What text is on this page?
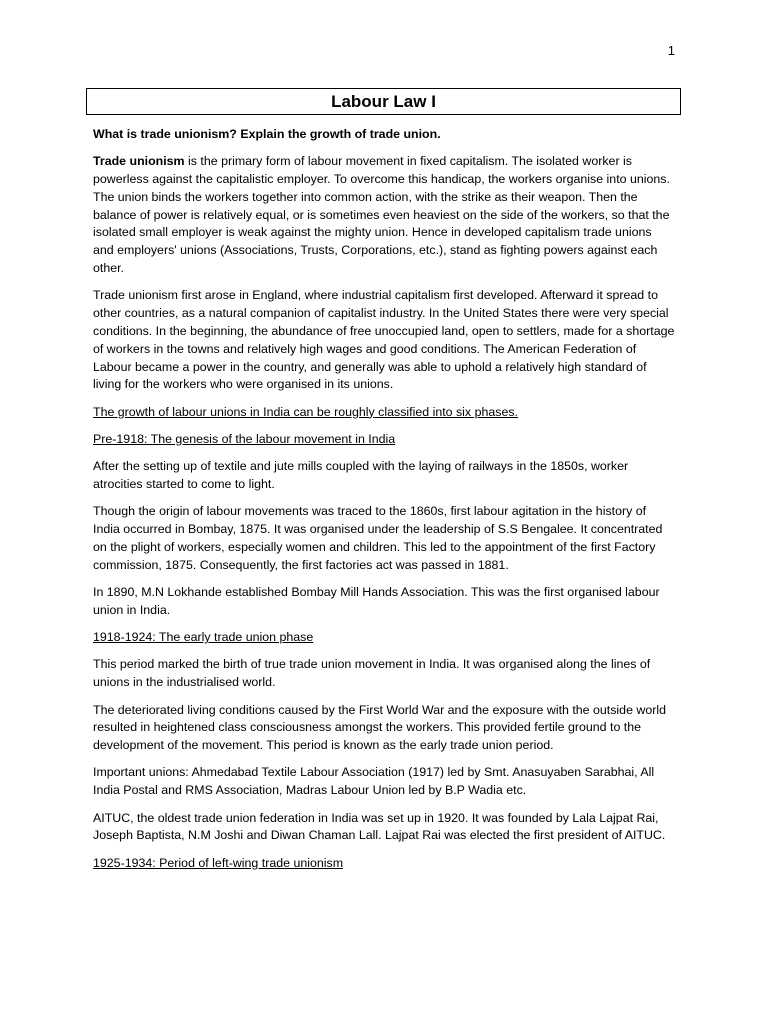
1
Labour Law I

What is trade unionism? Explain the growth of trade union.

Trade unionism is the primary form of labour movement in fixed capitalism. The isolated worker is powerless against the capitalistic employer. To overcome this handicap, the workers organise into unions. The union binds the workers together into common action, with the strike as their weapon. Then the balance of power is relatively equal, or is sometimes even heaviest on the side of the workers, so that the isolated small employer is weak against the mighty union. Hence in developed capitalism trade unions and employers' unions (Associations, Trusts, Corporations, etc.), stand as fighting powers against each other.

Trade unionism first arose in England, where industrial capitalism first developed. Afterward it spread to other countries, as a natural companion of capitalist industry. In the United States there were very special conditions. In the beginning, the abundance of free unoccupied land, open to settlers, made for a shortage of workers in the towns and relatively high wages and good conditions. The American Federation of Labour became a power in the country, and generally was able to uphold a relatively high standard of living for the workers who were organised in its unions.

The growth of labour unions in India can be roughly classified into six phases.

Pre-1918: The genesis of the labour movement in India

After the setting up of textile and jute mills coupled with the laying of railways in the 1850s, worker atrocities started to come to light.

Though the origin of labour movements was traced to the 1860s, first labour agitation in the history of India occurred in Bombay, 1875. It was organised under the leadership of S.S Bengalee. It concentrated on the plight of workers, especially women and children. This led to the appointment of the first Factory commission, 1875. Consequently, the first factories act was passed in 1881.

In 1890, M.N Lokhande established Bombay Mill Hands Association. This was the first organised labour union in India.

1918-1924: The early trade union phase

This period marked the birth of true trade union movement in India. It was organised along the lines of unions in the industrialised world.

The deteriorated living conditions caused by the First World War and the exposure with the outside world resulted in heightened class consciousness amongst the workers. This provided fertile ground to the development of the movement. This period is known as the early trade union period.

Important unions: Ahmedabad Textile Labour Association (1917) led by Smt. Anasuyaben Sarabhai, All India Postal and RMS Association, Madras Labour Union led by B.P Wadia etc.

AITUC, the oldest trade union federation in India was set up in 1920. It was founded by Lala Lajpat Rai, Joseph Baptista, N.M Joshi and Diwan Chaman Lall. Lajpat Rai was elected the first president of AITUC.

1925-1934: Period of left-wing trade unionism
